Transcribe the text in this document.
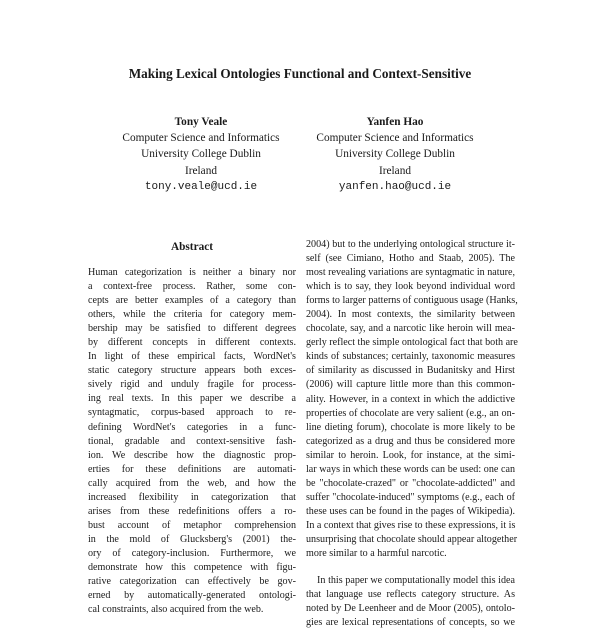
Making Lexical Ontologies Functional and Context-Sensitive
Tony Veale
Computer Science and Informatics
University College Dublin
Ireland
tony.veale@ucd.ie
Yanfen Hao
Computer Science and Informatics
University College Dublin
Ireland
yanfen.hao@ucd.ie
Abstract
Human categorization is neither a binary nor
a context-free process. Rather, some con-
cepts are better examples of a category than
others, while the criteria for category mem-
bership may be satisfied to different degrees
by different concepts in different contexts.
In light of these empirical facts, WordNet's
static category structure appears both exces-
sively rigid and unduly fragile for process-
ing real texts. In this paper we describe a
syntagmatic, corpus-based approach to re-
defining WordNet's categories in a func-
tional, gradable and context-sensitive fash-
ion. We describe how the diagnostic prop-
erties for these definitions are automati-
cally acquired from the web, and how the
increased flexibility in categorization that
arises from these redefinitions offers a ro-
bust account of metaphor comprehension
in the mold of Glucksberg's (2001) the-
ory of category-inclusion. Furthermore, we
demonstrate how this competence with figu-
rative categorization can effectively be gov-
erned by automatically-generated ontologi-
cal constraints, also acquired from the web.
2004) but to the underlying ontological structure it-
self (see Cimiano, Hotho and Staab, 2005). The
most revealing variations are syntagmatic in nature,
which is to say, they look beyond individual word
forms to larger patterns of contiguous usage (Hanks,
2004). In most contexts, the similarity between
chocolate, say, and a narcotic like heroin will mea-
gerly reflect the simple ontological fact that both are
kinds of substances; certainly, taxonomic measures
of similarity as discussed in Budanitsky and Hirst
(2006) will capture little more than this common-
ality. However, in a context in which the addictive
properties of chocolate are very salient (e.g., an on-
line dieting forum), chocolate is more likely to be
categorized as a drug and thus be considered more
similar to heroin. Look, for instance, at the simi-
lar ways in which these words can be used: one can
be "chocolate-crazed" or "chocolate-addicted" and
suffer "chocolate-induced" symptoms (e.g., each of
these uses can be found in the pages of Wikipedia).
In a context that gives rise to these expressions, it is
unsurprising that chocolate should appear altogether
more similar to a harmful narcotic.
In this paper we computationally model this idea
that language use reflects category structure. As
noted by De Leenheer and de Moor (2005), ontolo-
gies are lexical representations of concepts, so we
